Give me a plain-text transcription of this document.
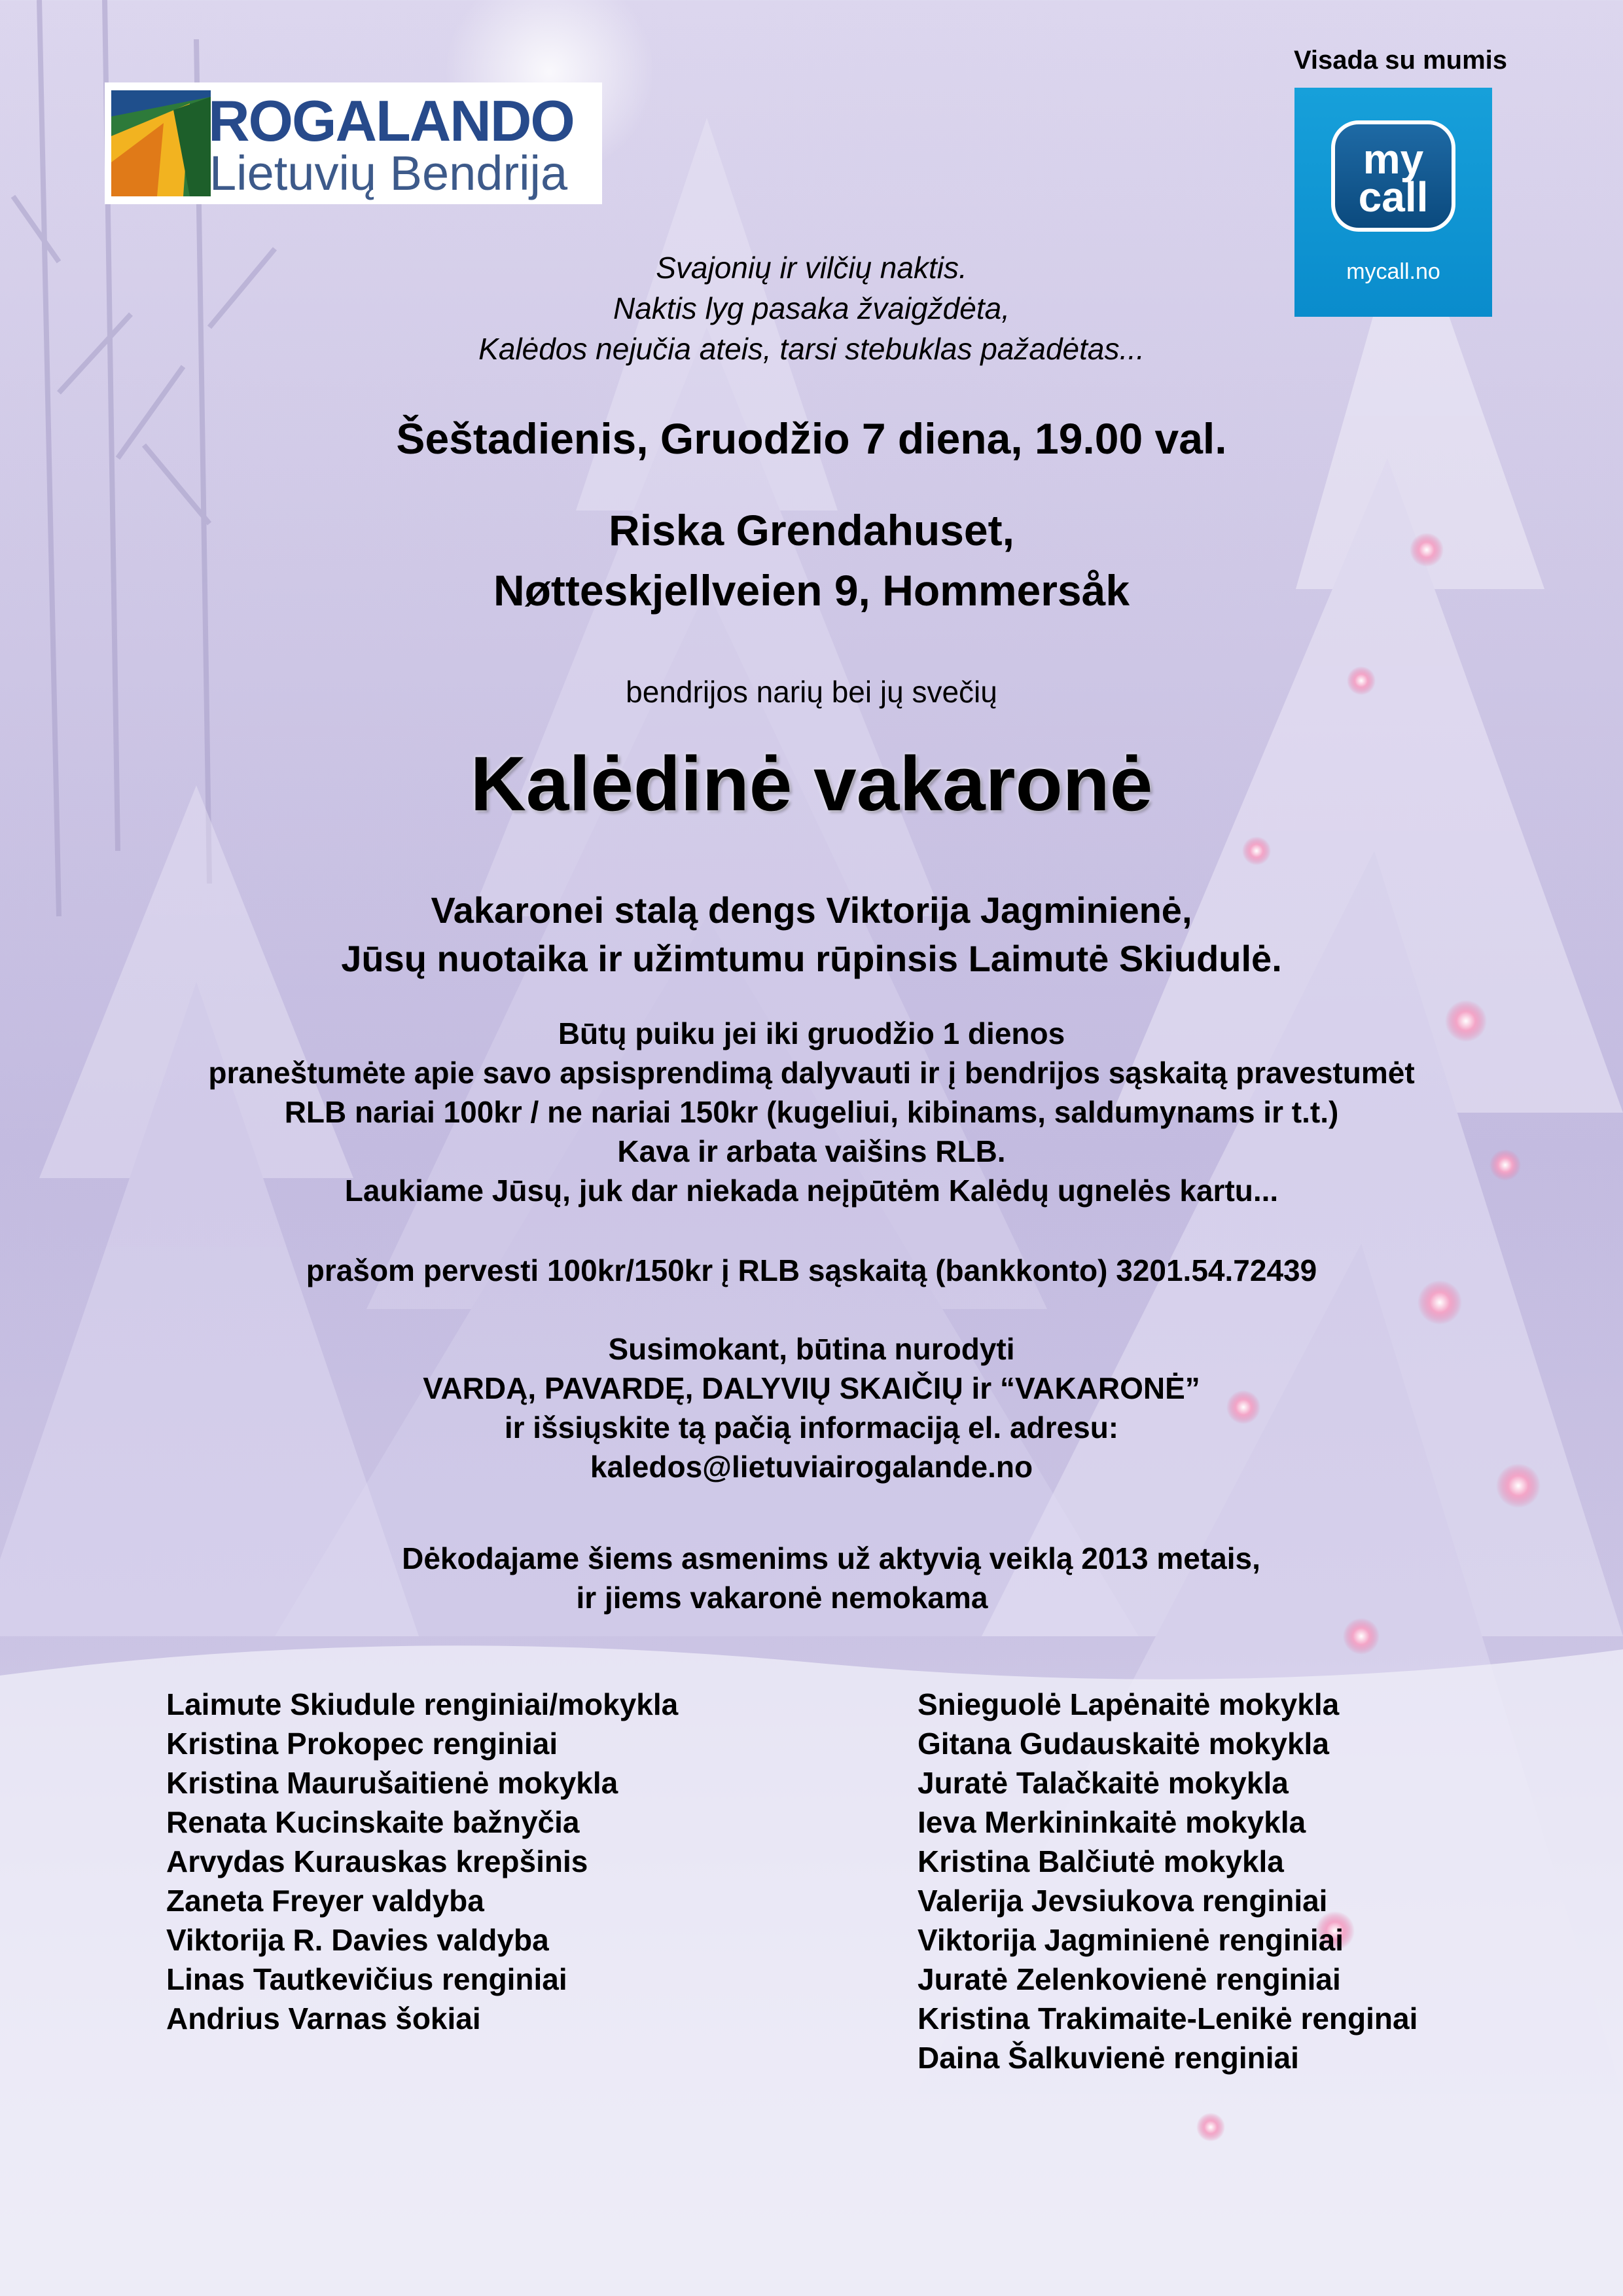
ROGALANDO
Lietuvių Bendrija
Visada su mumis
my
call
mycall.no
Svajonių ir vilčių naktis.
Naktis lyg pasaka žvaigždėta,
Kalėdos nejučia ateis, tarsi stebuklas pažadėtas...
Šeštadienis, Gruodžio 7 diena, 19.00 val.
Riska Grendahuset,
Nøtteskjellveien 9, Hommersåk
bendrijos narių bei jų svečių
Kalėdinė vakaronė
Vakaronei stalą dengs Viktorija Jagminienė,
Jūsų nuotaika ir užimtumu rūpinsis Laimutė Skiudulė.
Būtų puiku jei iki gruodžio 1 dienos
praneštumėte apie savo apsisprendimą dalyvauti ir į bendrijos sąskaitą pravestumėt
RLB nariai 100kr / ne nariai 150kr (kugeliui, kibinams, saldumynams ir t.t.)
Kava ir arbata vaišins RLB.
Laukiame Jūsų, juk dar niekada neįpūtėm Kalėdų ugnelės kartu...
prašom pervesti 100kr/150kr į RLB sąskaitą (bankkonto) 3201.54.72439
Susimokant, būtina nurodyti
VARDĄ, PAVARDĘ, DALYVIŲ SKAIČIŲ ir “VAKARONĖ”
ir išsiųskite tą pačią informaciją el. adresu:
kaledos@lietuviairogalande.no
Dėkodajame šiems asmenims už aktyvią veiklą 2013 metais,
ir jiems vakaronė nemokama
Laimute Skiudule renginiai/mokykla
Kristina Prokopec renginiai
Kristina Maurušaitienė mokykla
Renata Kucinskaite bažnyčia
Arvydas Kurauskas krepšinis
Zaneta Freyer valdyba
Viktorija R. Davies valdyba
Linas Tautkevičius renginiai
Andrius Varnas šokiai
Snieguolė Lapėnaitė mokykla
Gitana Gudauskaitė mokykla
Juratė Talačkaitė mokykla
Ieva Merkininkaitė mokykla
Kristina Balčiutė mokykla
Valerija Jevsiukova renginiai
Viktorija Jagminienė renginiai
Juratė Zelenkovienė renginiai
Kristina Trakimaite-Lenikė renginai
Daina Šalkuvienė renginiai
